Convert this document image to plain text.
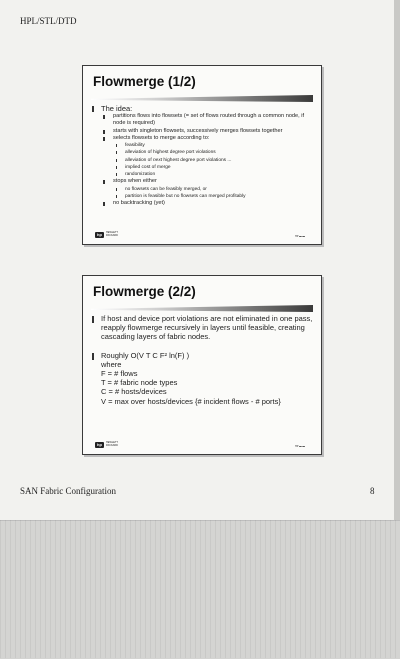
HPL/STL/DTD
Flowmerge (1/2)
The idea:
partitions flows into flowsets (= set of flows routed through a common node, if node is required)
starts with singleton flowsets, successively merges flowsets together
selects flowsets to merge according to:
feasibility
alleviation of highest degree port violations
alleviation of next highest degree port violations ...
implied cost of merge
randomization
stops when either
no flowsets can be feasibly merged, or
partition is feasible but no flowsets can merged profitably
no backtracking (yet)
hp	HEWLETT PACKARD	HP ▬ ▬
Flowmerge (2/2)
If host and device port violations are not eliminated in one pass, reapply flowmerge recursively in layers until feasible, creating cascading layers of fabric nodes.
Roughly O(V T C F² ln(F) )
where
F = # flows
T = # fabric node types
C = # hosts/devices
V = max over hosts/devices {# incident flows - # ports}
hp	HEWLETT PACKARD	HP ▬ ▬
SAN Fabric Configuration	8
